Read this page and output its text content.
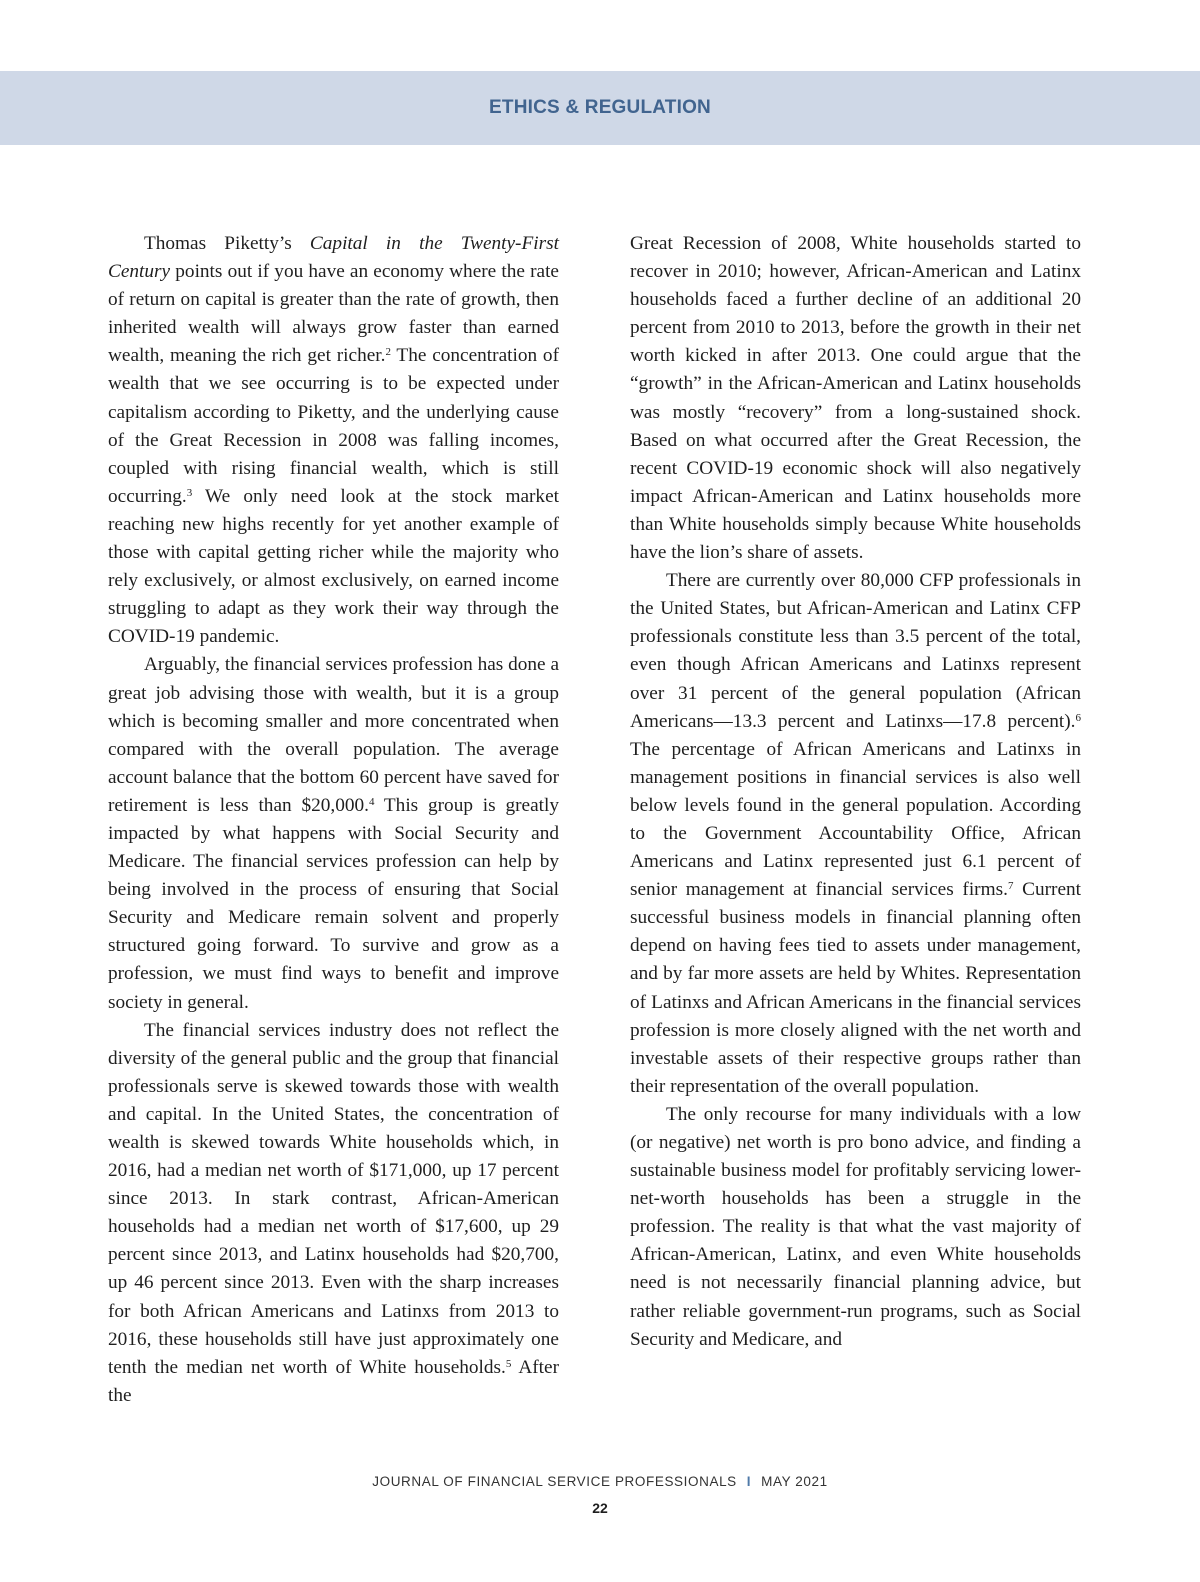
ETHICS & REGULATION

Thomas Piketty’s Capital in the Twenty-First Century points out if you have an economy where the rate of return on capital is greater than the rate of growth, then inherited wealth will always grow faster than earned wealth, meaning the rich get richer.$^2$ The concentration of wealth that we see occurring is to be expected under capitalism according to Piketty, and the underlying cause of the Great Recession in 2008 was falling incomes, coupled with rising financial wealth, which is still occurring.$^3$ We only need look at the stock market reaching new highs recently for yet another example of those with capital getting richer while the majority who rely exclusively, or almost exclusively, on earned income struggling to adapt as they work their way through the COVID-19 pandemic.

Arguably, the financial services profession has done a great job advising those with wealth, but it is a group which is becoming smaller and more concentrated when compared with the overall population. The average account balance that the bottom 60 percent have saved for retirement is less than $20,000.$^4$ This group is greatly impacted by what happens with Social Security and Medicare. The financial services profession can help by being involved in the process of ensuring that Social Security and Medicare remain solvent and properly structured going forward. To survive and grow as a profession, we must find ways to benefit and improve society in general.

The financial services industry does not reflect the diversity of the general public and the group that financial professionals serve is skewed towards those with wealth and capital. In the United States, the concentration of wealth is skewed towards White households which, in 2016, had a median net worth of $171,000, up 17 percent since 2013. In stark contrast, African-American households had a median net worth of $17,600, up 29 percent since 2013, and Latinx households had $20,700, up 46 percent since 2013. Even with the sharp increases for both African Americans and Latinxs from 2013 to 2016, these households still have just approximately one tenth the median net worth of White households.$^5$ After the

Great Recession of 2008, White households started to recover in 2010; however, African-American and Latinx households faced a further decline of an additional 20 percent from 2010 to 2013, before the growth in their net worth kicked in after 2013. One could argue that the “growth” in the African-American and Latinx households was mostly “recovery” from a long-sustained shock. Based on what occurred after the Great Recession, the recent COVID-19 economic shock will also negatively impact African-American and Latinx households more than White households simply because White households have the lion’s share of assets.

There are currently over 80,000 CFP professionals in the United States, but African-American and Latinx CFP professionals constitute less than 3.5 percent of the total, even though African Americans and Latinxs represent over 31 percent of the general population (African Americans—13.3 percent and Latinxs—17.8 percent).$^6$ The percentage of African Americans and Latinxs in management positions in financial services is also well below levels found in the general population. According to the Government Accountability Office, African Americans and Latinx represented just 6.1 percent of senior management at financial services firms.$^7$ Current successful business models in financial planning often depend on having fees tied to assets under management, and by far more assets are held by Whites. Representation of Latinxs and African Americans in the financial services profession is more closely aligned with the net worth and investable assets of their respective groups rather than their representation of the overall population.

The only recourse for many individuals with a low (or negative) net worth is pro bono advice, and finding a sustainable business model for profitably servicing lower-net-worth households has been a struggle in the profession. The reality is that what the vast majority of African-American, Latinx, and even White households need is not necessarily financial planning advice, but rather reliable government-run programs, such as Social Security and Medicare, and

JOURNAL OF FINANCIAL SERVICE PROFESSIONALS I MAY 2021
22
